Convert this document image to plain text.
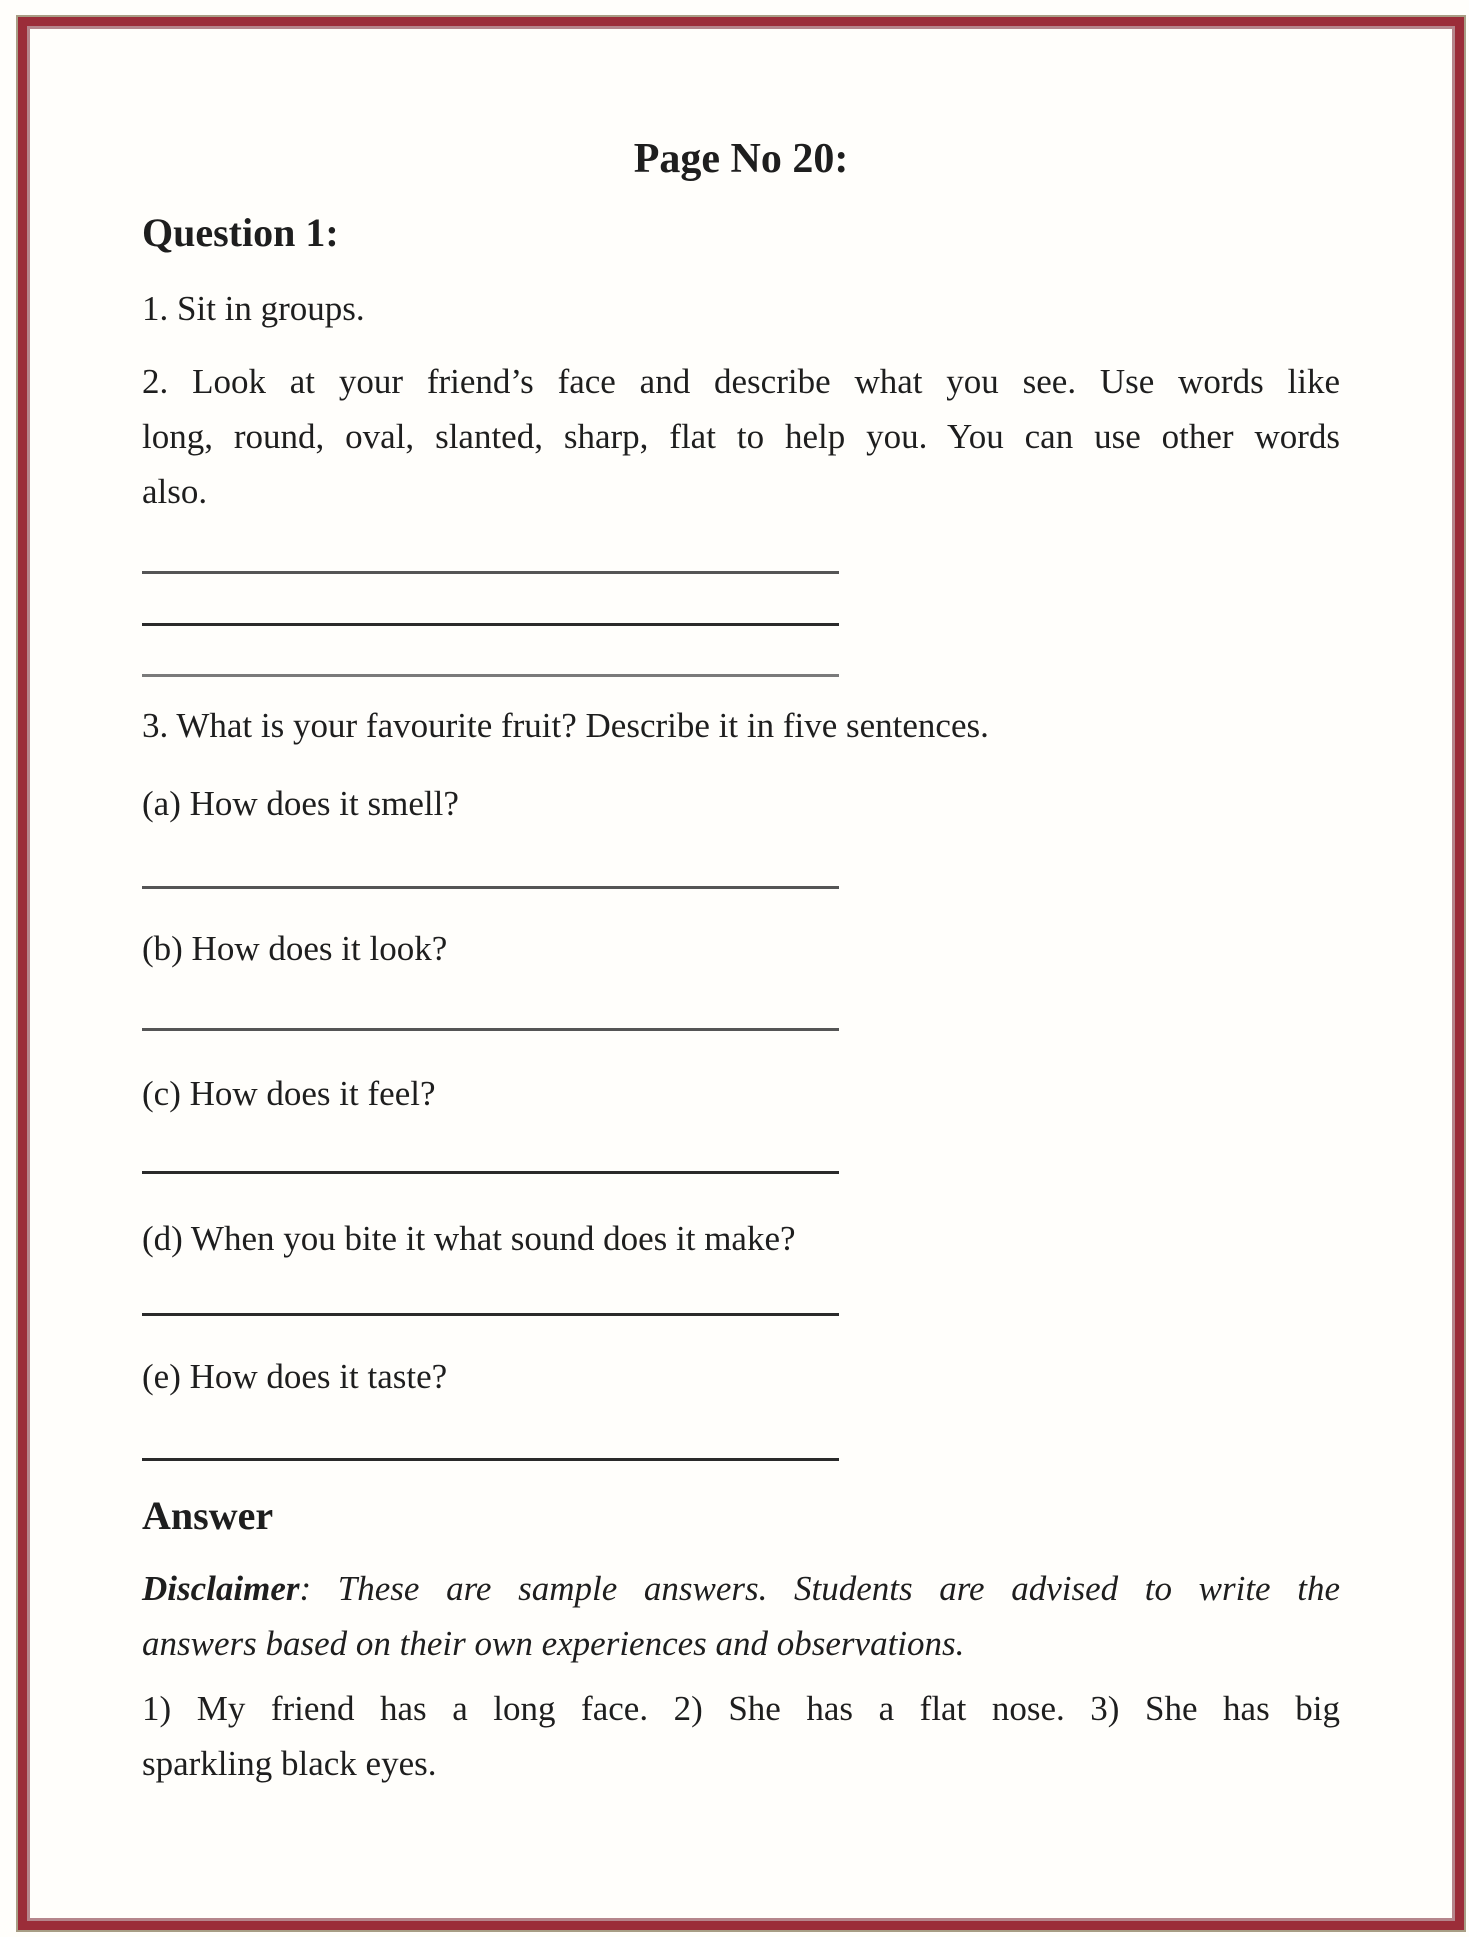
Page No 20:
Question 1:
1. Sit in groups.
2. Look at your friend’s face and describe what you see. Use words like
long, round, oval, slanted, sharp, flat to help you. You can use other words
also.
3. What is your favourite fruit? Describe it in five sentences.
(a) How does it smell?
(b) How does it look?
(c) How does it feel?
(d) When you bite it what sound does it make?
(e) How does it taste?
Answer
Disclaimer: These are sample answers. Students are advised to write the
answers based on their own experiences and observations.
1) My friend has a long face. 2) She has a flat nose. 3) She has big
sparkling black eyes.
